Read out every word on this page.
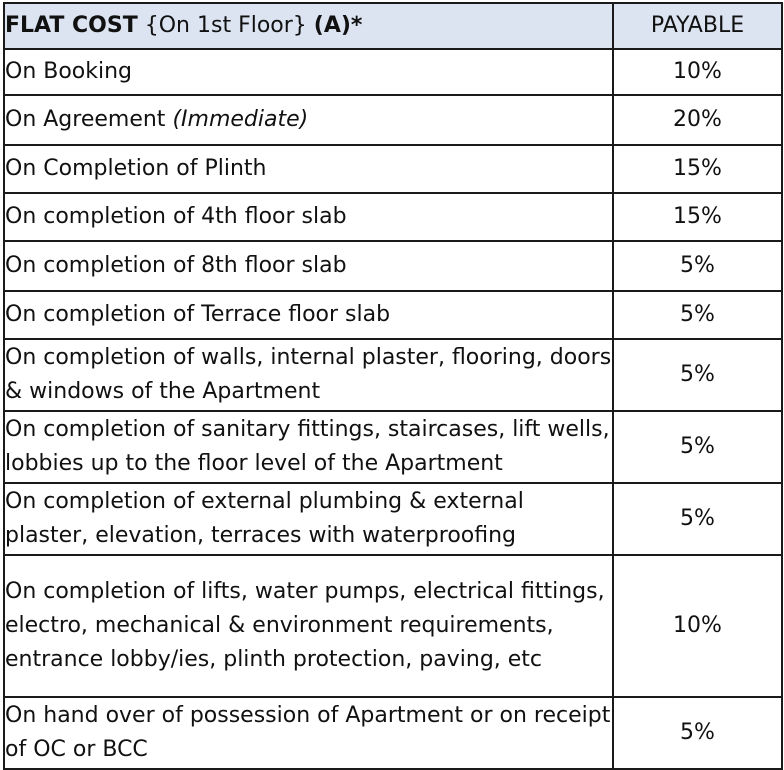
FLAT COST {On 1st Floor} (A)*	PAYABLE
On Booking	10%
On Agreement (Immediate)	20%
On Completion of Plinth	15%
On completion of 4th floor slab	15%
On completion of 8th floor slab	5%
On completion of Terrace floor slab	5%
On completion of walls, internal plaster, flooring, doors & windows of the Apartment	5%
On completion of sanitary fittings, staircases, lift wells, lobbies up to the floor level of the Apartment	5%
On completion of external plumbing & external plaster, elevation, terraces with waterproofing	5%
On completion of lifts, water pumps, electrical fittings, electro, mechanical & environment requirements, entrance lobby/ies, plinth protection, paving, etc	10%
On hand over of possession of Apartment or on receipt of OC or BCC	5%
